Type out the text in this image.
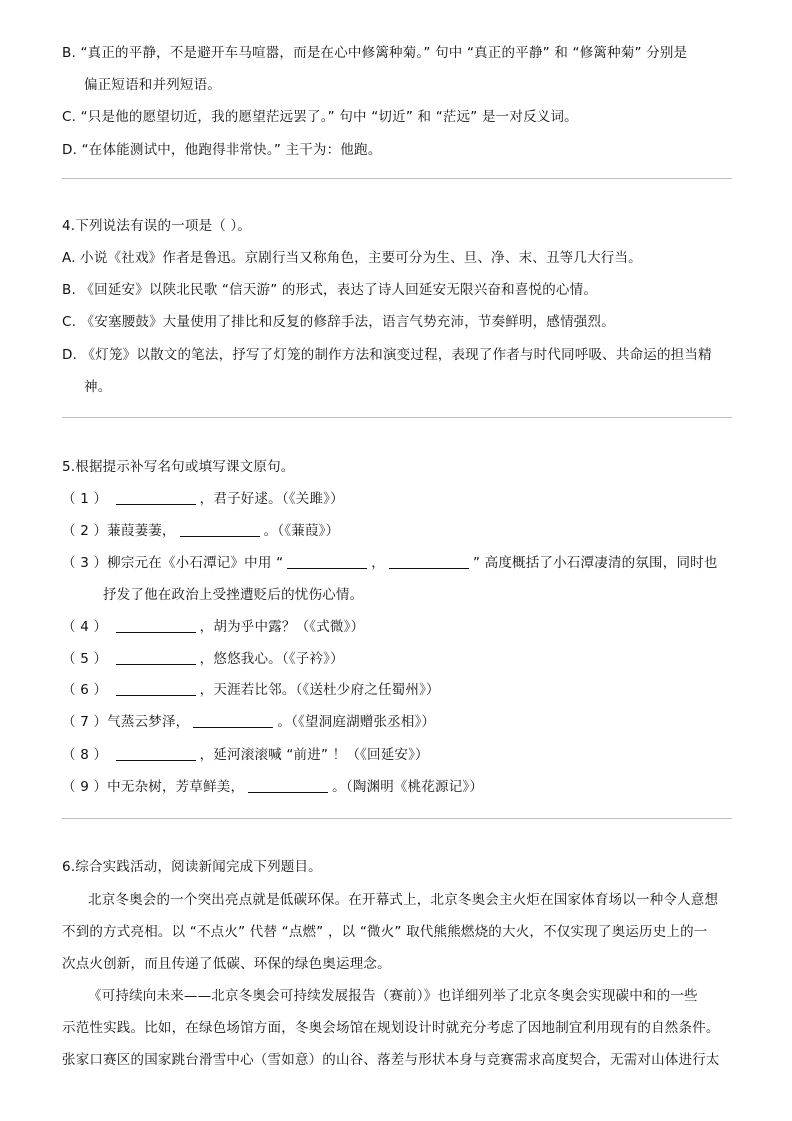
B. “真正的平静，不是避开车马喧嚣，而是在心中修篱种菊。” 句中 “真正的平静” 和 “修篱种菊” 分别是
偏正短语和并列短语。
C. “只是他的愿望切近，我的愿望茫远罢了。” 句中 “切近” 和 “茫远” 是一对反义词。
D. “在体能测试中，他跑得非常快。” 主干为：他跑。
4.下列说法有误的一项是（ ）。
A. 小说《社戏》作者是鲁迅。京剧行当又称角色，主要可分为生、旦、净、末、丑等几大行当。
B. 《回延安》以陕北民歌 “信天游” 的形式，表达了诗人回延安无限兴奋和喜悦的心情。
C. 《安塞腰鼓》大量使用了排比和反复的修辞手法，语言气势充沛，节奏鲜明，感情强烈。
D. 《灯笼》以散文的笔法，抒写了灯笼的制作方法和演变过程，表现了作者与时代同呼吸、共命运的担当精
神。
5.根据提示补写名句或填写课文原句。
（ 1 ）	，君子好逑。（《关雎》）
（ 2 ）蒹葭萋萋，	。（《蒹葭》）
（ 3 ）柳宗元在《小石潭记》中用 “	，	” 高度概括了小石潭凄清的氛围，同时也
抒发了他在政治上受挫遭贬后的忧伤心情。
（ 4 ）	，胡为乎中露？（《式微》）
（ 5 ）	，悠悠我心。（《子衿》）
（ 6 ）	，天涯若比邻。（《送杜少府之任蜀州》）
（ 7 ）气蒸云梦泽，	。（《望洞庭湖赠张丞相》）
（ 8 ）	，延河滚滚喊 “前进” ！（《回延安》）
（ 9 ）中无杂树，芳草鲜美，	。（陶渊明《桃花源记》）
6.综合实践活动，阅读新闻完成下列题目。
北京冬奥会的一个突出亮点就是低碳环保。在开幕式上，北京冬奥会主火炬在国家体育场以一种令人意想
不到的方式亮相。以 “不点火” 代替 “点燃” ，以 “微火” 取代熊熊燃烧的大火，不仅实现了奥运历史上的一
次点火创新，而且传递了低碳、环保的绿色奥运理念。
《可持续向未来——北京冬奥会可持续发展报告（赛前）》也详细列举了北京冬奥会实现碳中和的一些
示范性实践。比如，在绿色场馆方面，冬奥会场馆在规划设计时就充分考虑了因地制宜利用现有的自然条件。
张家口赛区的国家跳台滑雪中心（雪如意）的山谷、落差与形状本身与竞赛需求高度契合，无需对山体进行太
